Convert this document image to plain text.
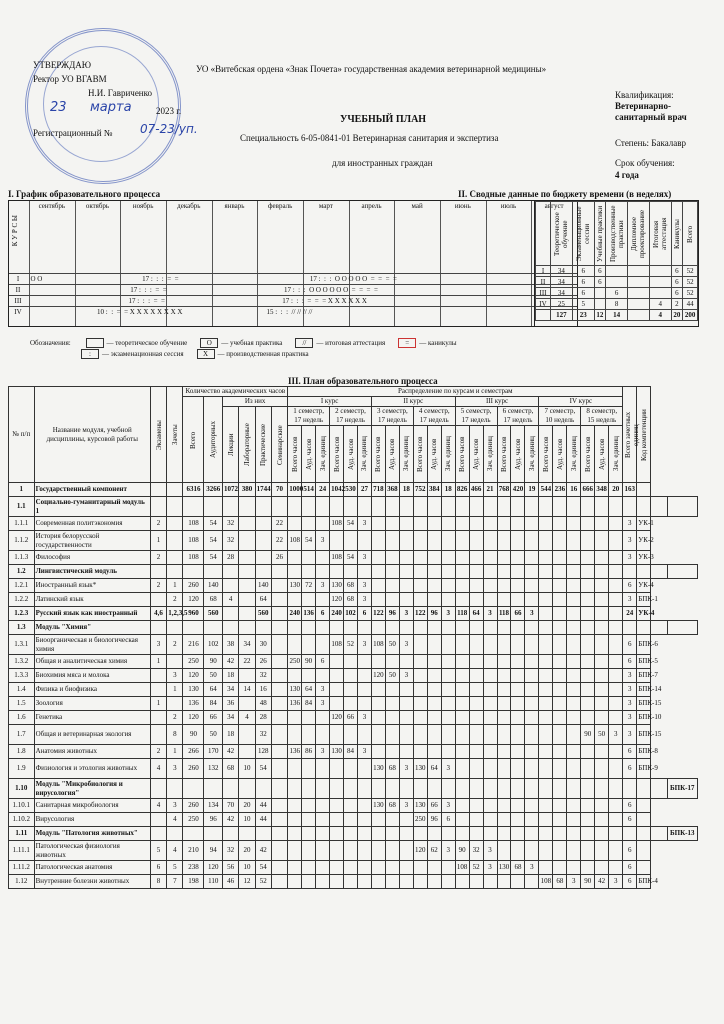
УТВЕРЖДАЮ
Ректор УО ВГАВМ
Н.И. Гавриченко
23 марта	2023 г.
Регистрационный № 07-23/уп.
УО «Витебская ордена «Знак Почета» государственная академия ветеринарной медицины»
УЧЕБНЫЙ ПЛАН
Специальность 6-05-0841-01 Ветеринарная санитария и экспертиза
для иностранных граждан
Квалификация:
Ветеринарно-санитарный врач
Степень: Бакалавр
Срок обучения:
4 года
I. График образовательного процесса	II. Сводные данные по бюджету времени (в неделях)
К У Р С Ы
сентябрь	октябрь	ноябрь	декабрь	январь	февраль	март	апрель	май	июнь	июль	август
I  О О                                                         17 :  :  :  =  =                                                                           17 :  :  :  О О О О О  =  =  =  =
II                                                           17 :  :  :  =  =                                                                   17 :  :  :  О О О О О О  =  =  =  =
III                                                          17 :  :  :  =  =                                                                   17 :  :  :  =  =  = X X X X X X
IV                                        10 :  :  =  = X X X X X X X X                                                15 :  :  :  // // // //

	Теоретическое обучение	Экзаменационные сессии	Учебные практики	Производственные практики	Дипломное проектирование	Итоговая аттестация	Каникулы	Всего

I	34	6	6				6	52
II	34	6	6				6	52
III	34	6		6			6	52
IV	25	5		8		4	2	44
	127	23	12	14		4	20	200
Обозначения:	— теоретическое обучение	О — учебная практика	// — итоговая аттестация	= — каникулы
: — экзаменационная сессия	X — производственная практика
III. План образовательного процесса
№ п/п	Название модуля, учебной дисциплины, курсовой работы	Экзамены	Зачеты	Количество академических часов						Распределение по курсам и семестрам																								Всего зачетных единиц	Код компетенции		

				Всего	Аудиторных	Из них				I курс						II курс						III курс						IV курс									

						Лекции	Лабораторные	Практические	Семинарские	1 семестр, 17 недель			2 семестр, 17 недель			3 семестр, 17 недель			4 семестр, 17 недель			5 семестр, 17 недель			6 семестр, 17 недель			7 семестр, 10 недель			8 семестр, 15 недель						

										Всего часов	Ауд. часов	Зач. единиц	Всего часов	Ауд. часов	Зач. единиц	Всего часов	Ауд. часов	Зач. единиц	Всего часов	Ауд. часов	Зач. единиц	Всего часов	Ауд. часов	Зач. единиц	Всего часов	Ауд. часов	Зач. единиц	Всего часов	Ауд. часов	Зач. единиц	Всего часов	Ауд. часов	Зач. единиц				

1	Государственный компонент			6316	3266	1072	380	1744	70	1000	514	24	1042	530	27	718	368	18	752	384	18	826	466	21	768	420	19	544	236	16	666	348	20	163			
1.1	Социально-гуманитарный модуль 1																																				
1.1.1	Современная политэкономия	2		108	54	32			22				108	54	3																			3	УК-1		
1.1.2	История белорусской государственности	1		108	54	32			22	108	54	3																						3	УК-2		
1.1.3	Философия	2		108	54	28			26				108	54	3																			3	УК-3		
1.2	Лингвистический модуль																																				
1.2.1	Иностранный язык*	2	1	260	140			140		130	72	3	130	68	3																			6	УК-4		
1.2.2	Латинский язык		2	120	68	4		64					120	68	3																			3	БПК-1		
1.2.3	Русский язык как иностранный	4,6	1,2,3,5	960	560			560		240	136	6	240	102	6	122	96	3	122	96	3	118	64	3	118	66	3							24	УК-4		
1.3	Модуль "Химия"																																				
1.3.1	Биоорганическая и биологическая химия	3	2	216	102	38	34	30					108	52	3	108	50	3																6	БПК-6		
1.3.2	Общая и аналитическая химия	1		250	90	42	22	26		250	90	6																						6	БПК-5		
1.3.3	Биохимия мяса и молока		3	120	50	18		32								120	50	3																3	БПК-7		
1.4	Физика и биофизика		1	130	64	34	14	16		130	64	3																						3	БПК-14		
1.5	Зоология	1		136	84	36		48		136	84	3																						3	БПК-15		
1.6	Генетика		2	120	66	34	4	28					120	66	3																			3	БПК-10		
1.7	Общая и ветеринарная экология		8	90	50	18		32																							90	50	3	3	БПК-15		
1.8	Анатомия животных	2	1	266	170	42		128		136	86	3	130	84	3																			6	БПК-8		
1.9	Физиология и этология животных	4	3	260	132	68	10	54								130	68	3	130	64	3													6	БПК-9		
1.10	Модуль "Микробиология и вирусология"																																				БПК-17
1.10.1	Санитарная микробиология	4	3	260	134	70	20	44								130	68	3	130	66	3													6			
1.10.2	Вирусология		4	250	96	42	10	44											250	96	6													6			
1.11	Модуль "Патология животных"																																				БПК-13
1.11.1	Патологическая физиология животных	5	4	210	94	32	20	42											120	62	3	90	32	3										6			
1.11.2	Патологическая анатомия	6	5	238	120	56	10	54														108	52	3	130	68	3							6			
1.12	Внутренние болезни животных	8	7	198	110	46	12	52																				108	68	3	90	42	3	6	БПК-4		
